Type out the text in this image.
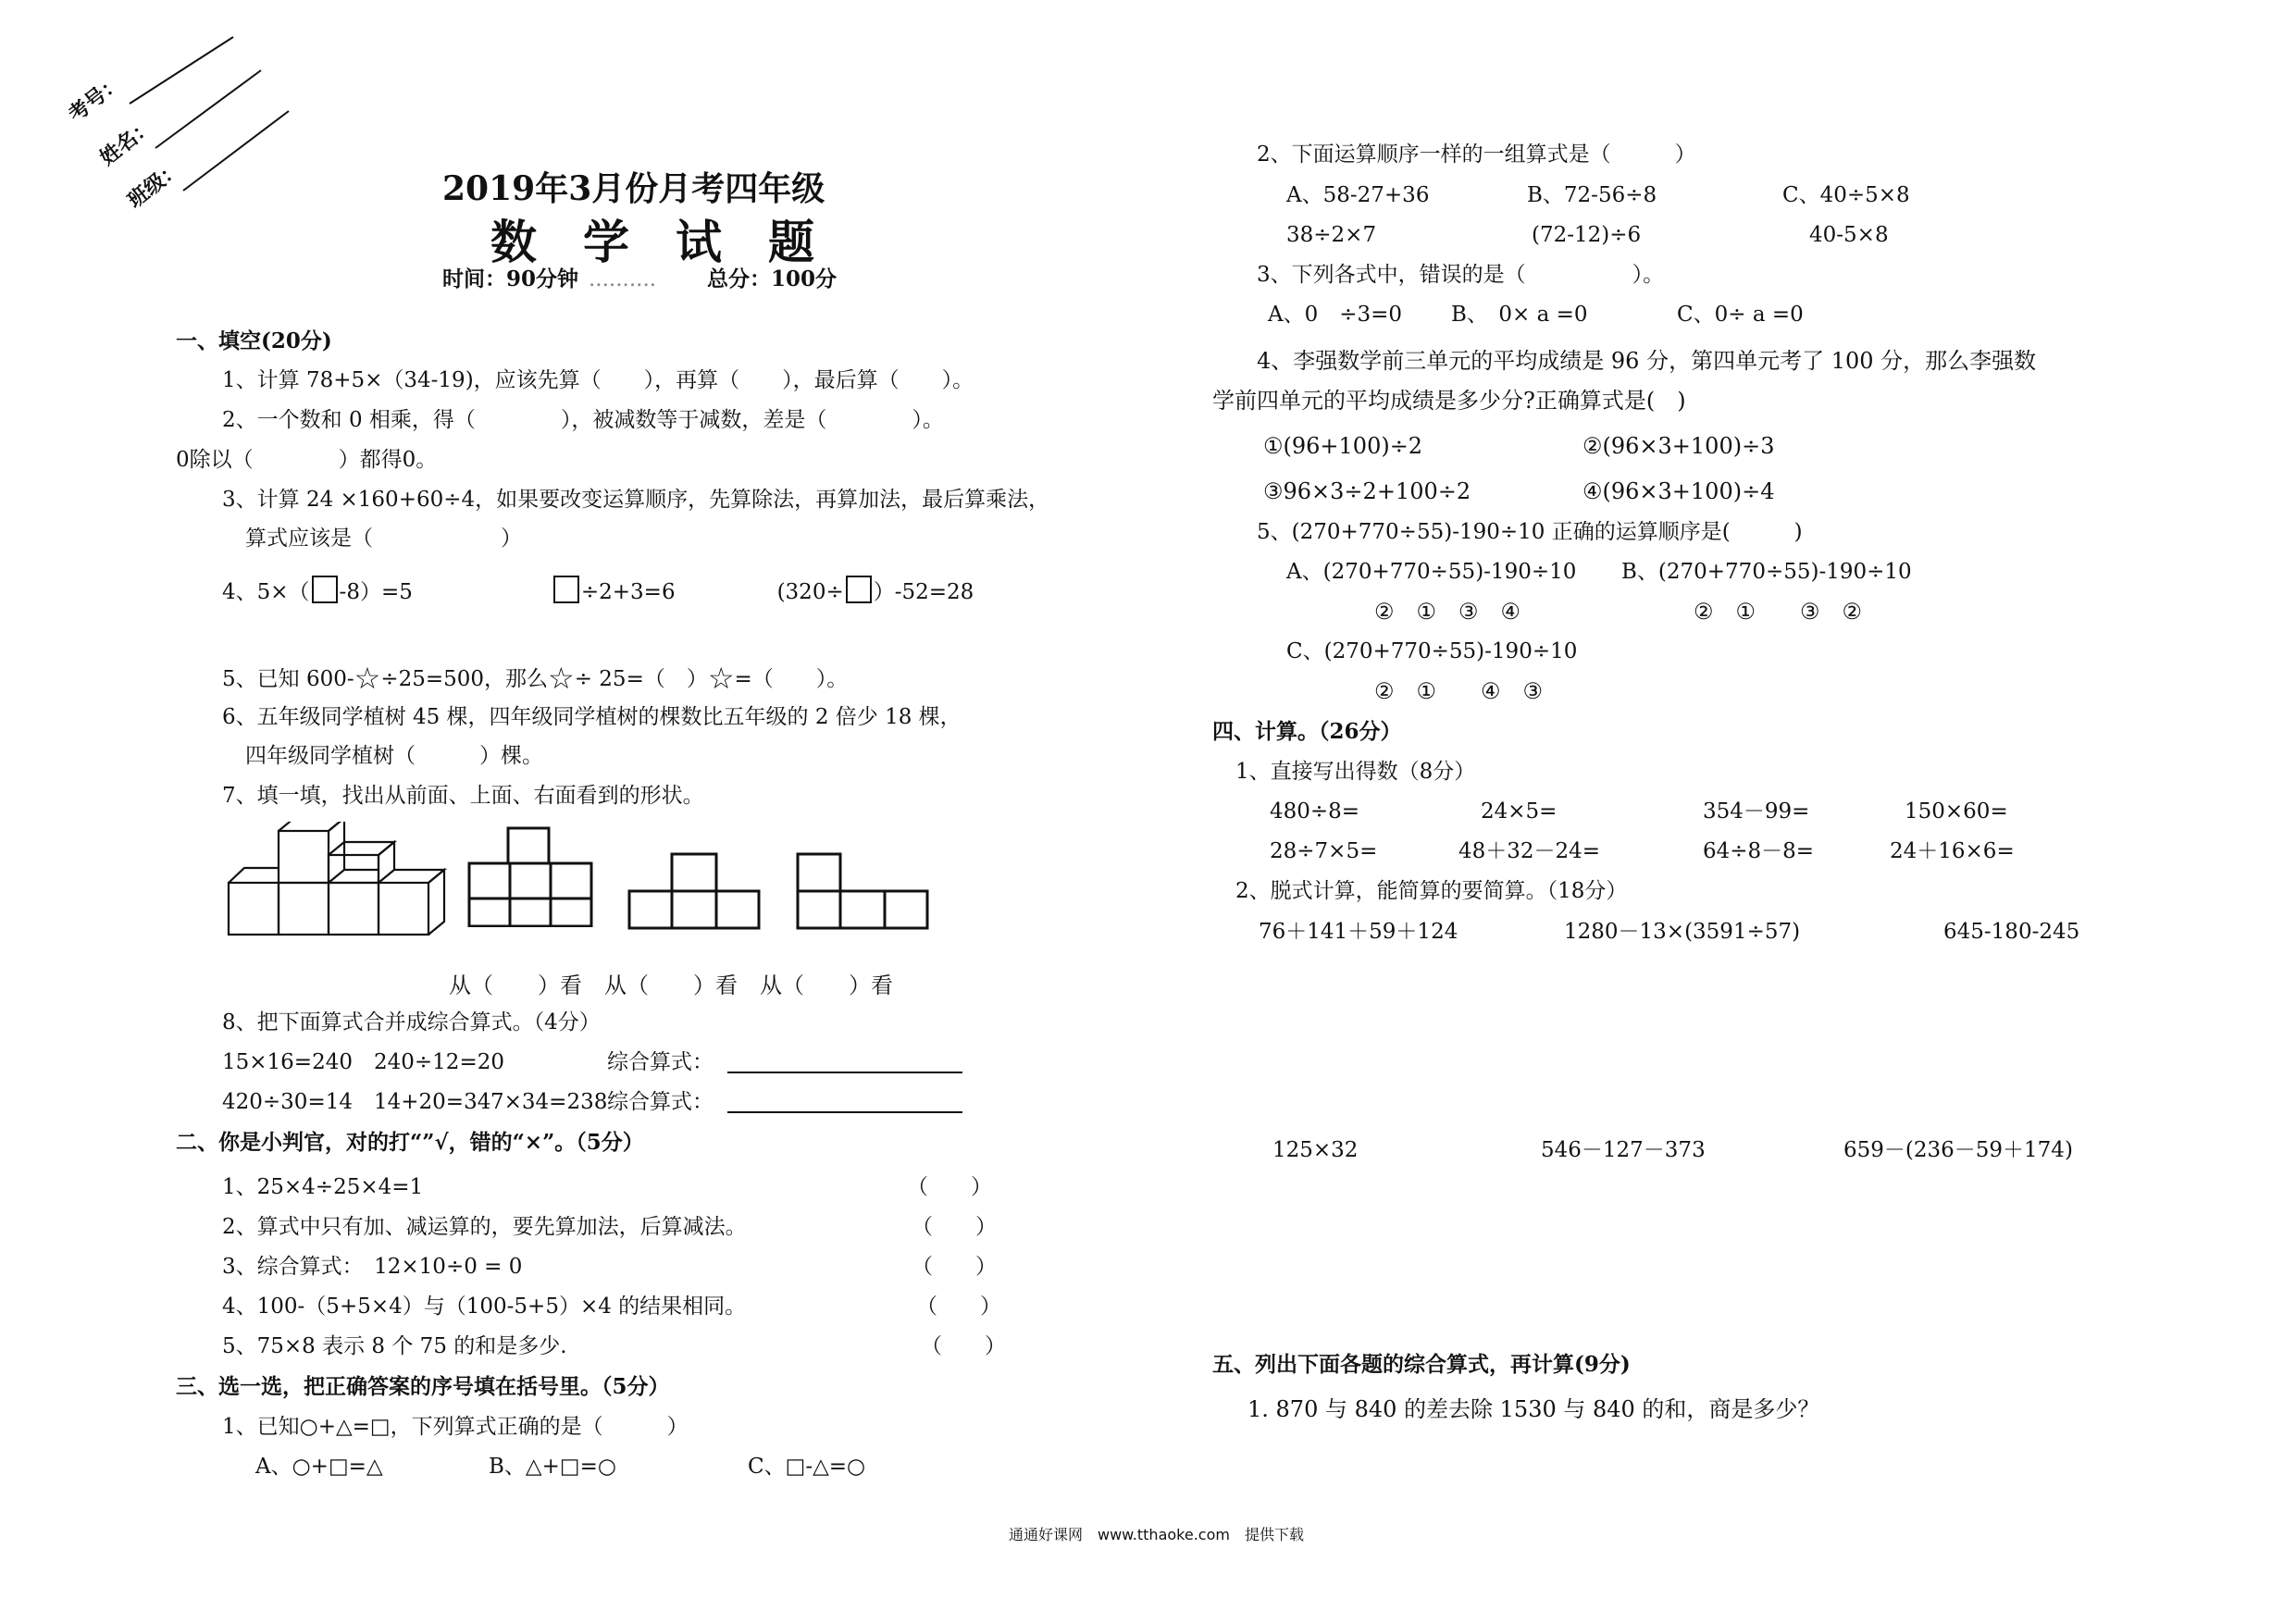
考号：
姓名：
班级：	2019年3月份月考四年级
数学试题
时间：90分钟 .......... 总分：100分
一、填空(20分)
1、计算 78+5×（34-19)，应该先算（　　），再算（　　），最后算（　　）。
2、一个数和 0 相乘，得（　　　　），被减数等于减数，差是（　　　　）。
0除以（　　　　）都得0。
3、计算 24 ×160+60÷4，如果要改变运算顺序，先算除法，再算加法，最后算乘法，
算式应该是（　　　　　　）
4、5×（ -8）=5	÷2+3=6	(320÷ ）-52=28
5、已知 600-☆÷25=500，那么☆÷ 25=（　）☆=（　　）。
6、五年级同学植树 45 棵，四年级同学植树的棵数比五年级的 2 倍少 18 棵，
四年级同学植树（　　　）棵。
7、填一填，找出从前面、上面、右面看到的形状。
从（　　）看　从（　　）看　从（　　）看
8、把下面算式合并成综合算式。（4分）
15×16=240 240÷12=20	综合算式：
420÷30=14 14+20=34 7×34=238 综合算式：
二、你是小判官，对的打“”√，错的“×”。（5分）
1、25×4÷25×4=1	（　　）
2、算式中只有加、减运算的，要先算加法，后算减法。	（　　）
3、综合算式：　12×10÷0 = 0	（　　）
4、100-（5+5×4）与（100-5+5）×4 的结果相同。	（　　）
5、75×8 表示 8 个 75 的和是多少.	（　　）
三、选一选，把正确答案的序号填在括号里。（5分）
1、已知○+△=□，下列算式正确的是（　　　）
A、○+□=△	B、△+□=○	C、□-△=○
2、下面运算顺序一样的一组算式是（　　　）
A、58-27+36	B、72-56÷8	C、40÷5×8
38÷2×7	(72-12)÷6	40-5×8
3、下列各式中，错误的是（　　　　　）。
A、0　÷3=0 B、　0× a =0	C、0÷ a =0
4、李强数学前三单元的平均成绩是 96 分，第四单元考了 100 分，那么李强数
学前四单元的平均成绩是多少分?正确算式是(　)
①(96+100)÷2	②(96×3+100)÷3
③96×3÷2+100÷2	④(96×3+100)÷4
5、(270+770÷55)-190÷10 正确的运算顺序是(　　　)
A、(270+770÷55)-190÷10
②　①　③　④
B、(270+770÷55)-190÷10
②　①　　③　②
C、(270+770÷55)-190÷10
②　①　　④　③
四、计算。（26分）
1、直接写出得数（8分）
480÷8=	24×5=	354－99=	150×60=
28÷7×5=	48＋32－24=	64÷8－8=	24＋16×6=
2、脱式计算，能简算的要简算。（18分）
76＋141＋59＋124	1280－13×(3591÷57)	645-180-245
125×32	546－127－373	659－(236－59＋174)
五、列出下面各题的综合算式，再计算(9分)
1. 870 与 840 的差去除 1530 与 840 的和，商是多少？
通通好课网　www.tthaoke.com　提供下载
